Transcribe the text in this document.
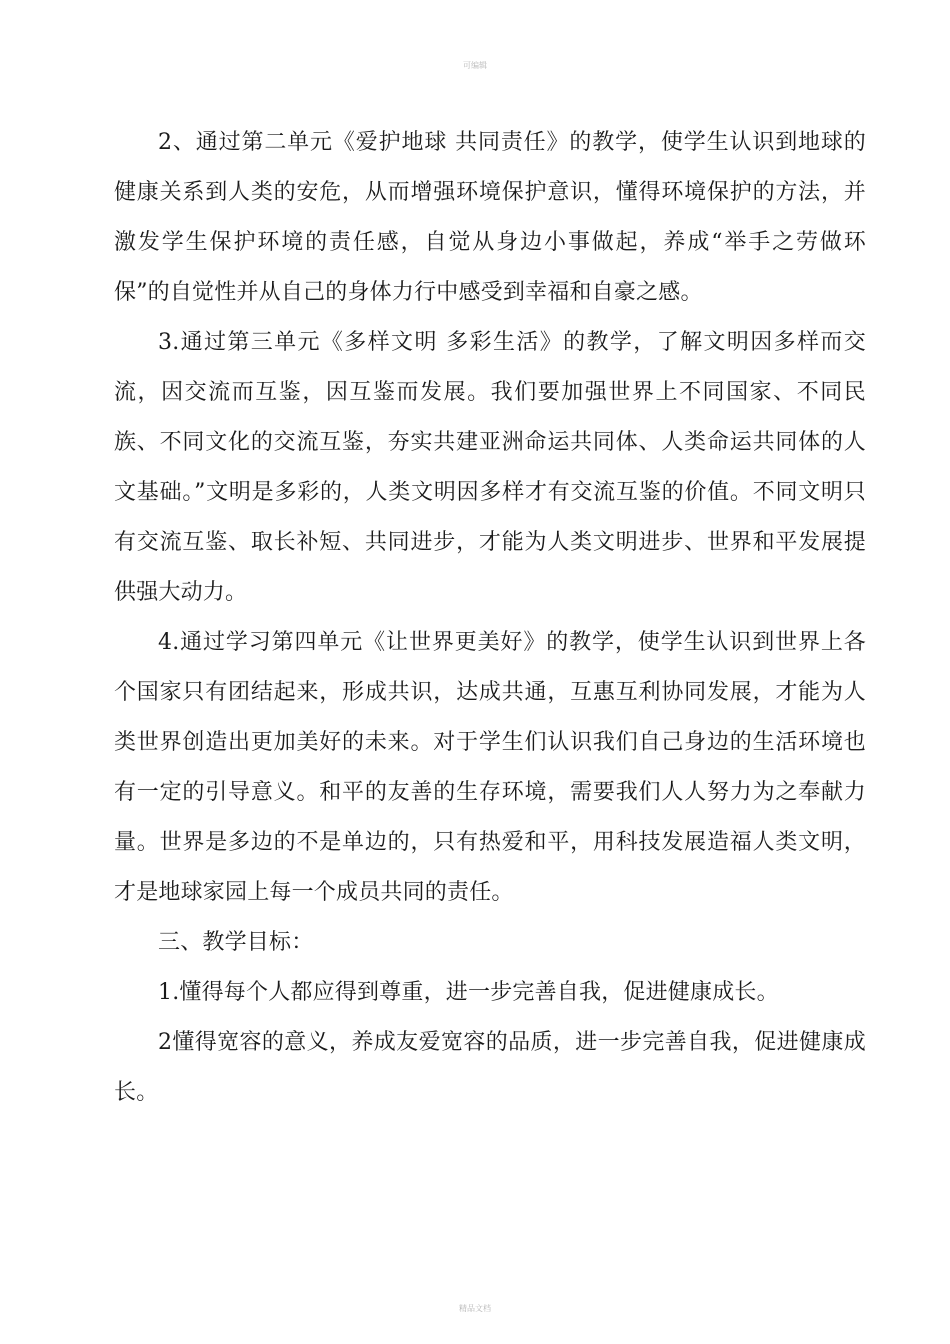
可编辑

2、通过第二单元《爱护地球 共同责任》的教学，使学生认识到地球的健康关系到人类的安危，从而增强环境保护意识，懂得环境保护的方法，并激发学生保护环境的责任感，自觉从身边小事做起，养成“举手之劳做环保”的自觉性并从自己的身体力行中感受到幸福和自豪之感。

3.通过第三单元《多样文明 多彩生活》的教学，了解文明因多样而交流，因交流而互鉴，因互鉴而发展。我们要加强世界上不同国家、不同民族、不同文化的交流互鉴，夯实共建亚洲命运共同体、人类命运共同体的人文基础。”文明是多彩的，人类文明因多样才有交流互鉴的价值。不同文明只有交流互鉴、取长补短、共同进步，才能为人类文明进步、世界和平发展提供强大动力。

4.通过学习第四单元《让世界更美好》的教学，使学生认识到世界上各个国家只有团结起来，形成共识，达成共通，互惠互利协同发展，才能为人类世界创造出更加美好的未来。对于学生们认识我们自己身边的生活环境也有一定的引导意义。和平的友善的生存环境，需要我们人人努力为之奉献力量。世界是多边的不是单边的，只有热爱和平，用科技发展造福人类文明，才是地球家园上每一个成员共同的责任。

三、教学目标：

1.懂得每个人都应得到尊重，进一步完善自我，促进健康成长。

2懂得宽容的意义，养成友爱宽容的品质，进一步完善自我，促进健康成长。

精品文档
